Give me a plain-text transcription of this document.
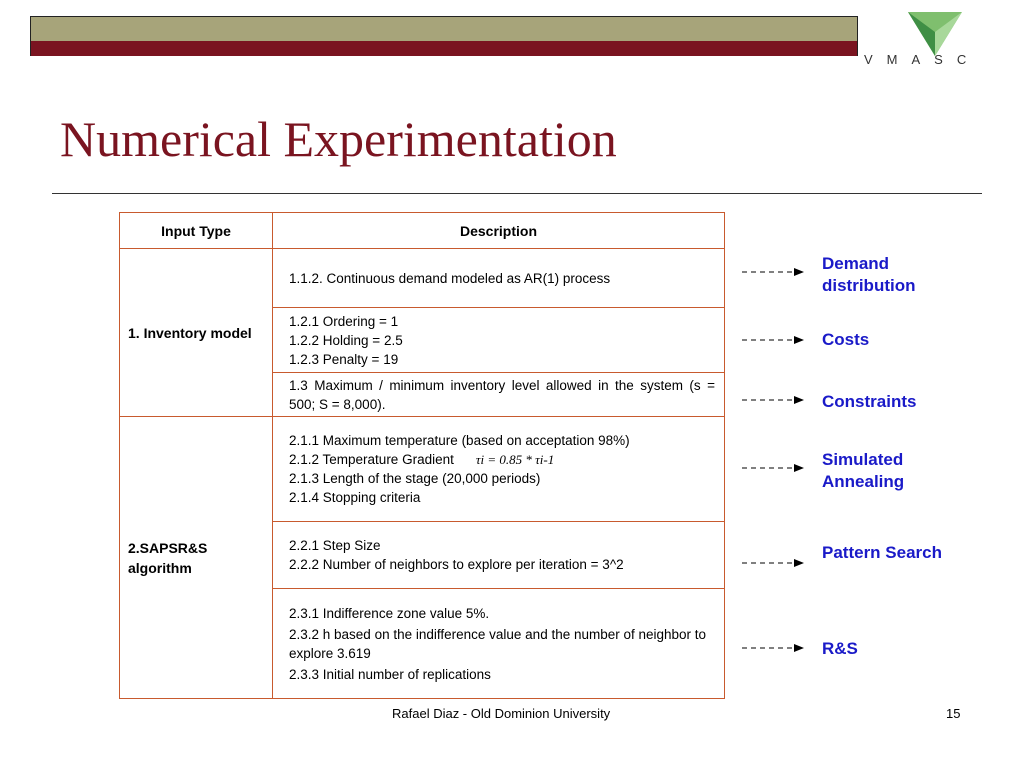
VMASC
Numerical Experimentation
Input Type	Description
1. Inventory model
2.SAPSR&S algorithm
1.1.2. Continuous demand modeled as AR(1) process
1.2.1 Ordering = 1
1.2.2 Holding = 2.5
1.2.3 Penalty = 19
1.3 Maximum / minimum inventory level allowed in the system (s = 500; S = 8,000).
2.1.1 Maximum temperature (based on acceptation 98%)
2.1.2 Temperature Gradient τi = 0.85 * τi-1
2.1.3 Length of the stage (20,000 periods)
2.1.4 Stopping criteria
2.2.1 Step Size
2.2.2 Number of neighbors to explore per iteration = 3^2
2.3.1 Indifference zone value 5%.
2.3.2 h based on the indifference value and the number of neighbor to explore 3.619
2.3.3 Initial number of replications
Demand distribution
Costs
Constraints
Simulated Annealing
Pattern Search
R&S
Rafael Diaz - Old Dominion University	15
